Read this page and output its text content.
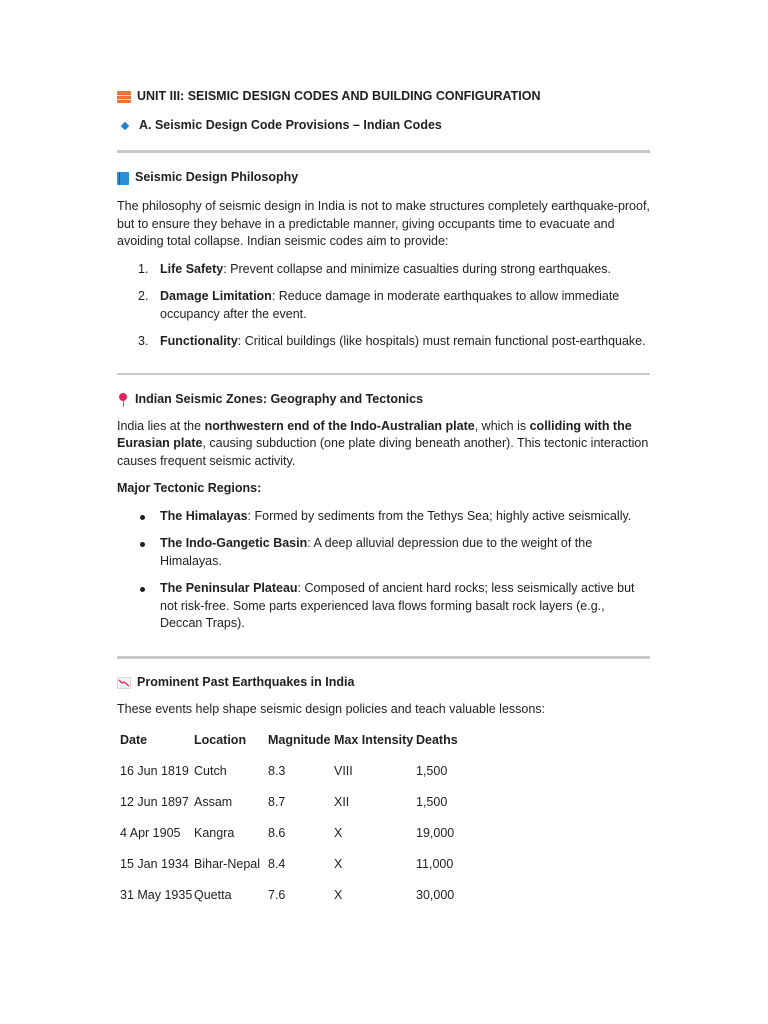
UNIT III: SEISMIC DESIGN CODES AND BUILDING CONFIGURATION
A. Seismic Design Code Provisions – Indian Codes
Seismic Design Philosophy

The philosophy of seismic design in India is not to make structures completely earthquake-proof, but to ensure they behave in a predictable manner, giving occupants time to evacuate and avoiding total collapse. Indian seismic codes aim to provide:

1. Life Safety: Prevent collapse and minimize casualties during strong earthquakes.
2. Damage Limitation: Reduce damage in moderate earthquakes to allow immediate occupancy after the event.
3. Functionality: Critical buildings (like hospitals) must remain functional post-earthquake.
Indian Seismic Zones: Geography and Tectonics

India lies at the northwestern end of the Indo-Australian plate, which is colliding with the Eurasian plate, causing subduction (one plate diving beneath another). This tectonic interaction causes frequent seismic activity.

Major Tectonic Regions:

The Himalayas: Formed by sediments from the Tethys Sea; highly active seismically.
The Indo-Gangetic Basin: A deep alluvial depression due to the weight of the Himalayas.
The Peninsular Plateau: Composed of ancient hard rocks; less seismically active but not risk-free. Some parts experienced lava flows forming basalt rock layers (e.g., Deccan Traps).
Prominent Past Earthquakes in India

These events help shape seismic design policies and teach valuable lessons:

Date	Location	Magnitude	Max Intensity	Deaths
16 Jun 1819	Cutch	8.3	VIII	1,500
12 Jun 1897	Assam	8.7	XII	1,500
4 Apr 1905	Kangra	8.6	X	19,000
15 Jan 1934	Bihar-Nepal	8.4	X	11,000
31 May 1935	Quetta	7.6	X	30,000
